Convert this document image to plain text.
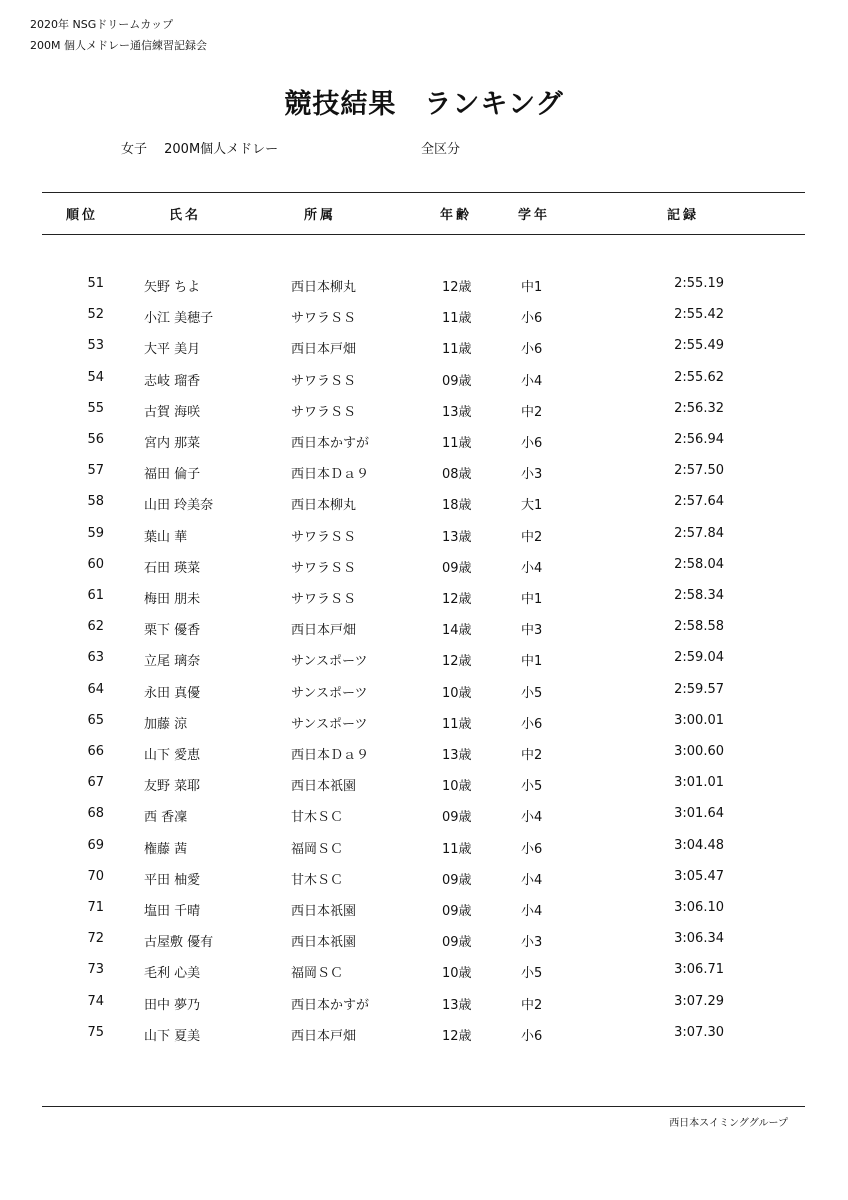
2020年 NSGドリームカップ
200M 個人メドレー通信練習記録会
競技結果　ランキング
女子　 200M個人メドレー	全区分
順位	氏名	所属	年齢	学年	記録
51	矢野 ちよ	西日本柳丸	12歳	中1	2:55.19
52	小江 美穂子	サワラＳＳ	11歳	小6	2:55.42
53	大平 美月	西日本戸畑	11歳	小6	2:55.49
54	志岐 瑠香	サワラＳＳ	09歳	小4	2:55.62
55	古賀 海咲	サワラＳＳ	13歳	中2	2:56.32
56	宮内 那菜	西日本かすが	11歳	小6	2:56.94
57	福田 倫子	西日本Ｄａ９	08歳	小3	2:57.50
58	山田 玲美奈	西日本柳丸	18歳	大1	2:57.64
59	葉山 華	サワラＳＳ	13歳	中2	2:57.84
60	石田 瑛菜	サワラＳＳ	09歳	小4	2:58.04
61	梅田 朋未	サワラＳＳ	12歳	中1	2:58.34
62	栗下 優香	西日本戸畑	14歳	中3	2:58.58
63	立尾 璃奈	サンスポーツ	12歳	中1	2:59.04
64	永田 真優	サンスポーツ	10歳	小5	2:59.57
65	加藤 涼	サンスポーツ	11歳	小6	3:00.01
66	山下 愛恵	西日本Ｄａ９	13歳	中2	3:00.60
67	友野 菜耶	西日本祇園	10歳	小5	3:01.01
68	西 香凜	甘木ＳＣ	09歳	小4	3:01.64
69	権藤 茜	福岡ＳＣ	11歳	小6	3:04.48
70	平田 柚愛	甘木ＳＣ	09歳	小4	3:05.47
71	塩田 千晴	西日本祇園	09歳	小4	3:06.10
72	古屋敷 優有	西日本祇園	09歳	小3	3:06.34
73	毛利 心美	福岡ＳＣ	10歳	小5	3:06.71
74	田中 夢乃	西日本かすが	13歳	中2	3:07.29
75	山下 夏美	西日本戸畑	12歳	小6	3:07.30
西日本スイミンググループ
